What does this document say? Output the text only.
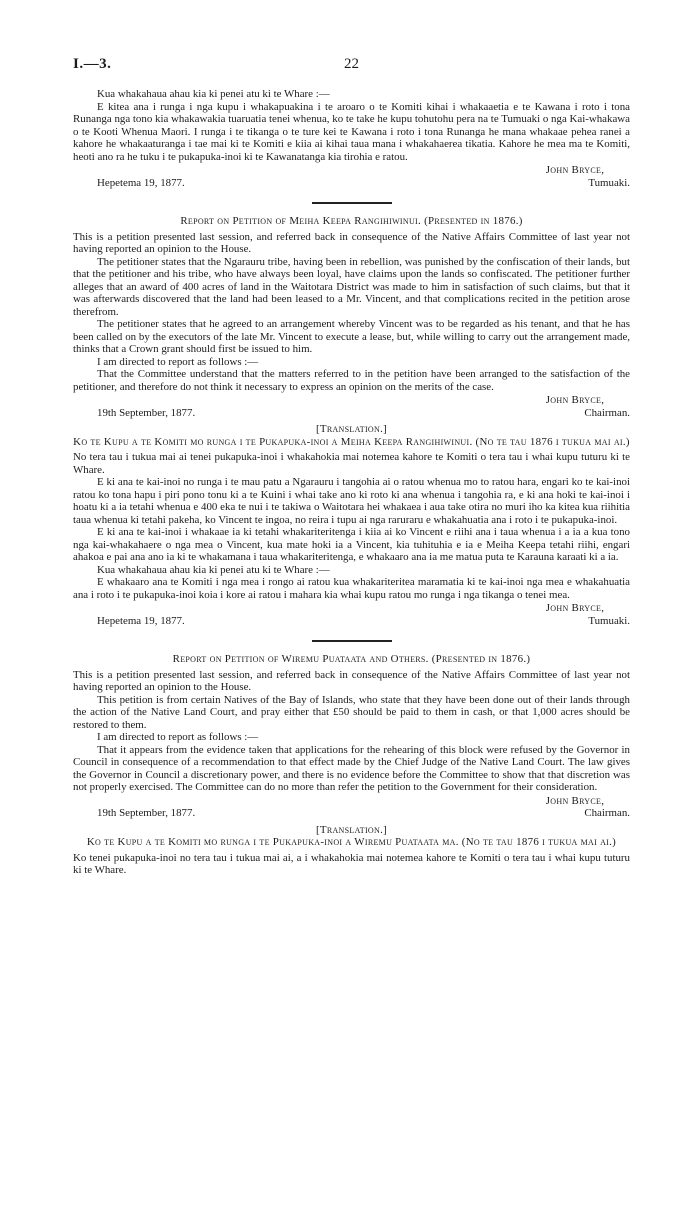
I.—3.	22

Kua whakahaua ahau kia ki penei atu ki te Whare :—

E kitea ana i runga i nga kupu i whakapuakina i te aroaro o te Komiti kihai i whakaaetia e te Kawana i roto i tona Runanga nga tono kia whakawakia tuaruatia tenei whenua, ko te take he kupu tohutohu pera na te Tumuaki o nga Kai-whakawa o te Kooti Whenua Maori. I runga i te tikanga o te ture kei te Kawana i roto i tona Runanga he mana whakaae pehea ranei a kahore he whakaaturanga i tae mai ki te Komiti e kiia ai kihai taua mana i whakahaerea tikatia. Kahore he mea ma te Komiti, heoti ano ra he tuku i te pukapuka-inoi ki te Kawanatanga kia tirohia e ratou.

Hepetema 19, 1877.
John Bryce,
Tumuaki.

Report on Petition of Meiha Keepa Rangihiwinui. (Presented in 1876.)

This is a petition presented last session, and referred back in consequence of the Native Affairs Committee of last year not having reported an opinion to the House.

The petitioner states that the Ngarauru tribe, having been in rebellion, was punished by the confiscation of their lands, but that the petitioner and his tribe, who have always been loyal, have claims upon the lands so confiscated. The petitioner further alleges that an award of 400 acres of land in the Waitotara District was made to him in satisfaction of such claims, but that it was afterwards discovered that the land had been leased to a Mr. Vincent, and that complications recited in the petition arose therefrom.

The petitioner states that he agreed to an arrangement whereby Vincent was to be regarded as his tenant, and that he has been called on by the executors of the late Mr. Vincent to execute a lease, but, while willing to carry out the arrangement made, thinks that a Crown grant should first be issued to him.

I am directed to report as follows :—

That the Committee understand that the matters referred to in the petition have been arranged to the satisfaction of the petitioner, and therefore do not think it necessary to express an opinion on the merits of the case.

19th September, 1877.
John Bryce,
Chairman.

[Translation.]

Ko te Kupu a te Komiti mo runga i te Pukapuka-inoi a Meiha Keepa Rangihiwinui. (No te tau 1876 i tukua mai ai.)

No tera tau i tukua mai ai tenei pukapuka-inoi i whakahokia mai notemea kahore te Komiti o tera tau i whai kupu tuturu ki te Whare.

E ki ana te kai-inoi no runga i te mau patu a Ngarauru i tangohia ai o ratou whenua mo to ratou hara, engari ko te kai-inoi ratou ko tona hapu i piri pono tonu ki a te Kuini i whai take ano ki roto ki ana whenua i tangohia ra, e ki ana hoki te kai-inoi i hoatu ki a ia tetahi whenua e 400 eka te nui i te takiwa o Waitotara hei whakaea i aua take otira no muri iho ka kitea kua riihitia taua whenua ki tetahi pakeha, ko Vincent te ingoa, no reira i tupu ai nga raruraru e whakahuatia ana i roto i te pukapuka-inoi.

E ki ana te kai-inoi i whakaae ia ki tetahi whakariteritenga i kiia ai ko Vincent e riihi ana i taua whenua i a ia a kua tono nga kai-whakahaere o nga mea o Vincent, kua mate hoki ia a Vincent, kia tuhituhia e ia e Meiha Keepa tetahi riihi, engari ahakoa e pai ana ano ia ki te whakamana i taua whakariteritenga, e whakaaro ana ia me matua puta te Karauna karaati ki a ia.

Kua whakahaua ahau kia ki penei atu ki te Whare :—

E whakaaro ana te Komiti i nga mea i rongo ai ratou kua whakariteritea maramatia ki te kai-inoi nga mea e whakahuatia ana i roto i te pukapuka-inoi koia i kore ai ratou i mahara kia whai kupu ratou mo runga i nga tikanga o tenei mea.

Hepetema 19, 1877.
John Bryce,
Tumuaki.

Report on Petition of Wiremu Puataata and Others. (Presented in 1876.)

This is a petition presented last session, and referred back in consequence of the Native Affairs Committee of last year not having reported an opinion to the House.

This petition is from certain Natives of the Bay of Islands, who state that they have been done out of their lands through the action of the Native Land Court, and pray either that £50 should be paid to them in cash, or that 1,000 acres should be restored to them.

I am directed to report as follows :—

That it appears from the evidence taken that applications for the rehearing of this block were refused by the Governor in Council in consequence of a recommendation to that effect made by the Chief Judge of the Native Land Court. The law gives the Governor in Council a discretionary power, and there is no evidence before the Committee to show that that discretion was not properly exercised. The Committee can do no more than refer the petition to the Government for their consideration.

19th September, 1877.
John Bryce,
Chairman.

[Translation.]

Ko te Kupu a te Komiti mo runga i te Pukapuka-inoi a Wiremu Puataata ma. (No te tau 1876 i tukua mai ai.)

Ko tenei pukapuka-inoi no tera tau i tukua mai ai, a i whakahokia mai notemea kahore te Komiti o tera tau i whai kupu tuturu ki te Whare.
